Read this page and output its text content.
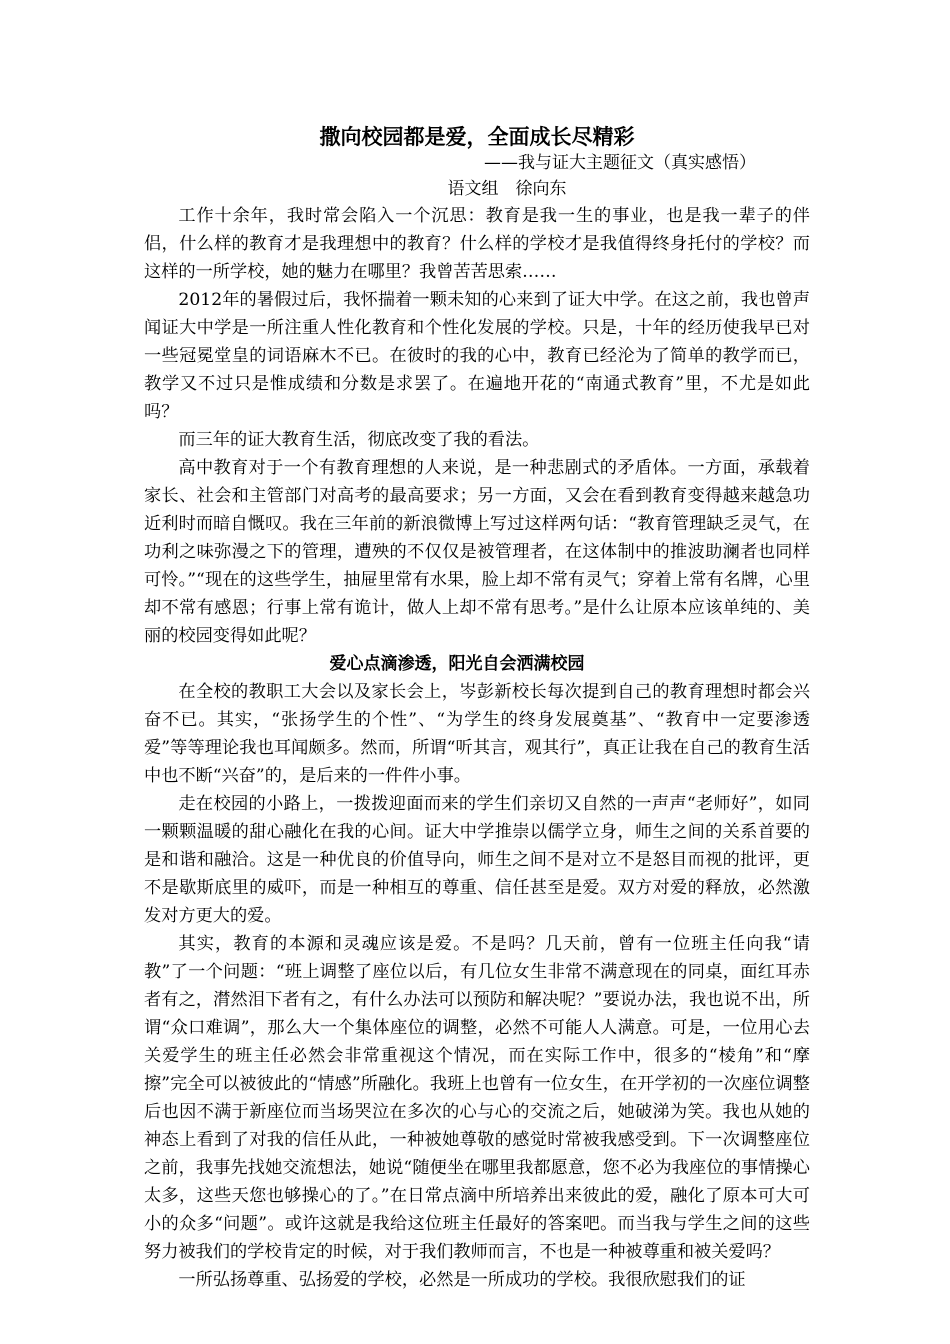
撒向校园都是爱，全面成长尽精彩

——我与证大主题征文（真实感悟）

语文组　徐向东

工作十余年，我时常会陷入一个沉思：教育是我一生的事业，也是我一辈子的伴侣，什么样的教育才是我理想中的教育？什么样的学校才是我值得终身托付的学校？而这样的一所学校，她的魅力在哪里？我曾苦苦思索……

2012年的暑假过后，我怀揣着一颗未知的心来到了证大中学。在这之前，我也曾声闻证大中学是一所注重人性化教育和个性化发展的学校。只是，十年的经历使我早已对一些冠冕堂皇的词语麻木不已。在彼时的我的心中，教育已经沦为了简单的教学而已，教学又不过只是惟成绩和分数是求罢了。在遍地开花的“南通式教育”里，不尤是如此吗？

而三年的证大教育生活，彻底改变了我的看法。

高中教育对于一个有教育理想的人来说，是一种悲剧式的矛盾体。一方面，承载着家长、社会和主管部门对高考的最高要求；另一方面，又会在看到教育变得越来越急功近利时而暗自慨叹。我在三年前的新浪微博上写过这样两句话：“教育管理缺乏灵气，在功利之味弥漫之下的管理，遭殃的不仅仅是被管理者，在这体制中的推波助澜者也同样可怜。”“现在的这些学生，抽屉里常有水果，脸上却不常有灵气；穿着上常有名牌，心里却不常有感恩；行事上常有诡计，做人上却不常有思考。”是什么让原本应该单纯的、美丽的校园变得如此呢？

爱心点滴渗透，阳光自会洒满校园

在全校的教职工大会以及家长会上，岑彭新校长每次提到自己的教育理想时都会兴奋不已。其实，“张扬学生的个性”、“为学生的终身发展奠基”、“教育中一定要渗透爱”等等理论我也耳闻颇多。然而，所谓“听其言，观其行”，真正让我在自己的教育生活中也不断“兴奋”的，是后来的一件件小事。

走在校园的小路上，一拨拨迎面而来的学生们亲切又自然的一声声“老师好”，如同一颗颗温暖的甜心融化在我的心间。证大中学推崇以儒学立身，师生之间的关系首要的是和谐和融洽。这是一种优良的价值导向，师生之间不是对立不是怒目而视的批评，更不是歇斯底里的威吓，而是一种相互的尊重、信任甚至是爱。双方对爱的释放，必然激发对方更大的爱。

其实，教育的本源和灵魂应该是爱。不是吗？几天前，曾有一位班主任向我“请教”了一个问题：“班上调整了座位以后，有几位女生非常不满意现在的同桌，面红耳赤者有之，潸然泪下者有之，有什么办法可以预防和解决呢？”要说办法，我也说不出，所谓“众口难调”，那么大一个集体座位的调整，必然不可能人人满意。可是，一位用心去关爱学生的班主任必然会非常重视这个情况，而在实际工作中，很多的“棱角”和“摩擦”完全可以被彼此的“情感”所融化。我班上也曾有一位女生，在开学初的一次座位调整后也因不满于新座位而当场哭泣在多次的心与心的交流之后，她破涕为笑。我也从她的神态上看到了对我的信任从此，一种被她尊敬的感觉时常被我感受到。下一次调整座位之前，我事先找她交流想法，她说“随便坐在哪里我都愿意，您不必为我座位的事情操心太多，这些天您也够操心的了。”在日常点滴中所培养出来彼此的爱，融化了原本可大可小的众多“问题”。或许这就是我给这位班主任最好的答案吧。而当我与学生之间的这些努力被我们的学校肯定的时候，对于我们教师而言，不也是一种被尊重和被关爱吗？

一所弘扬尊重、弘扬爱的学校，必然是一所成功的学校。我很欣慰我们的证
